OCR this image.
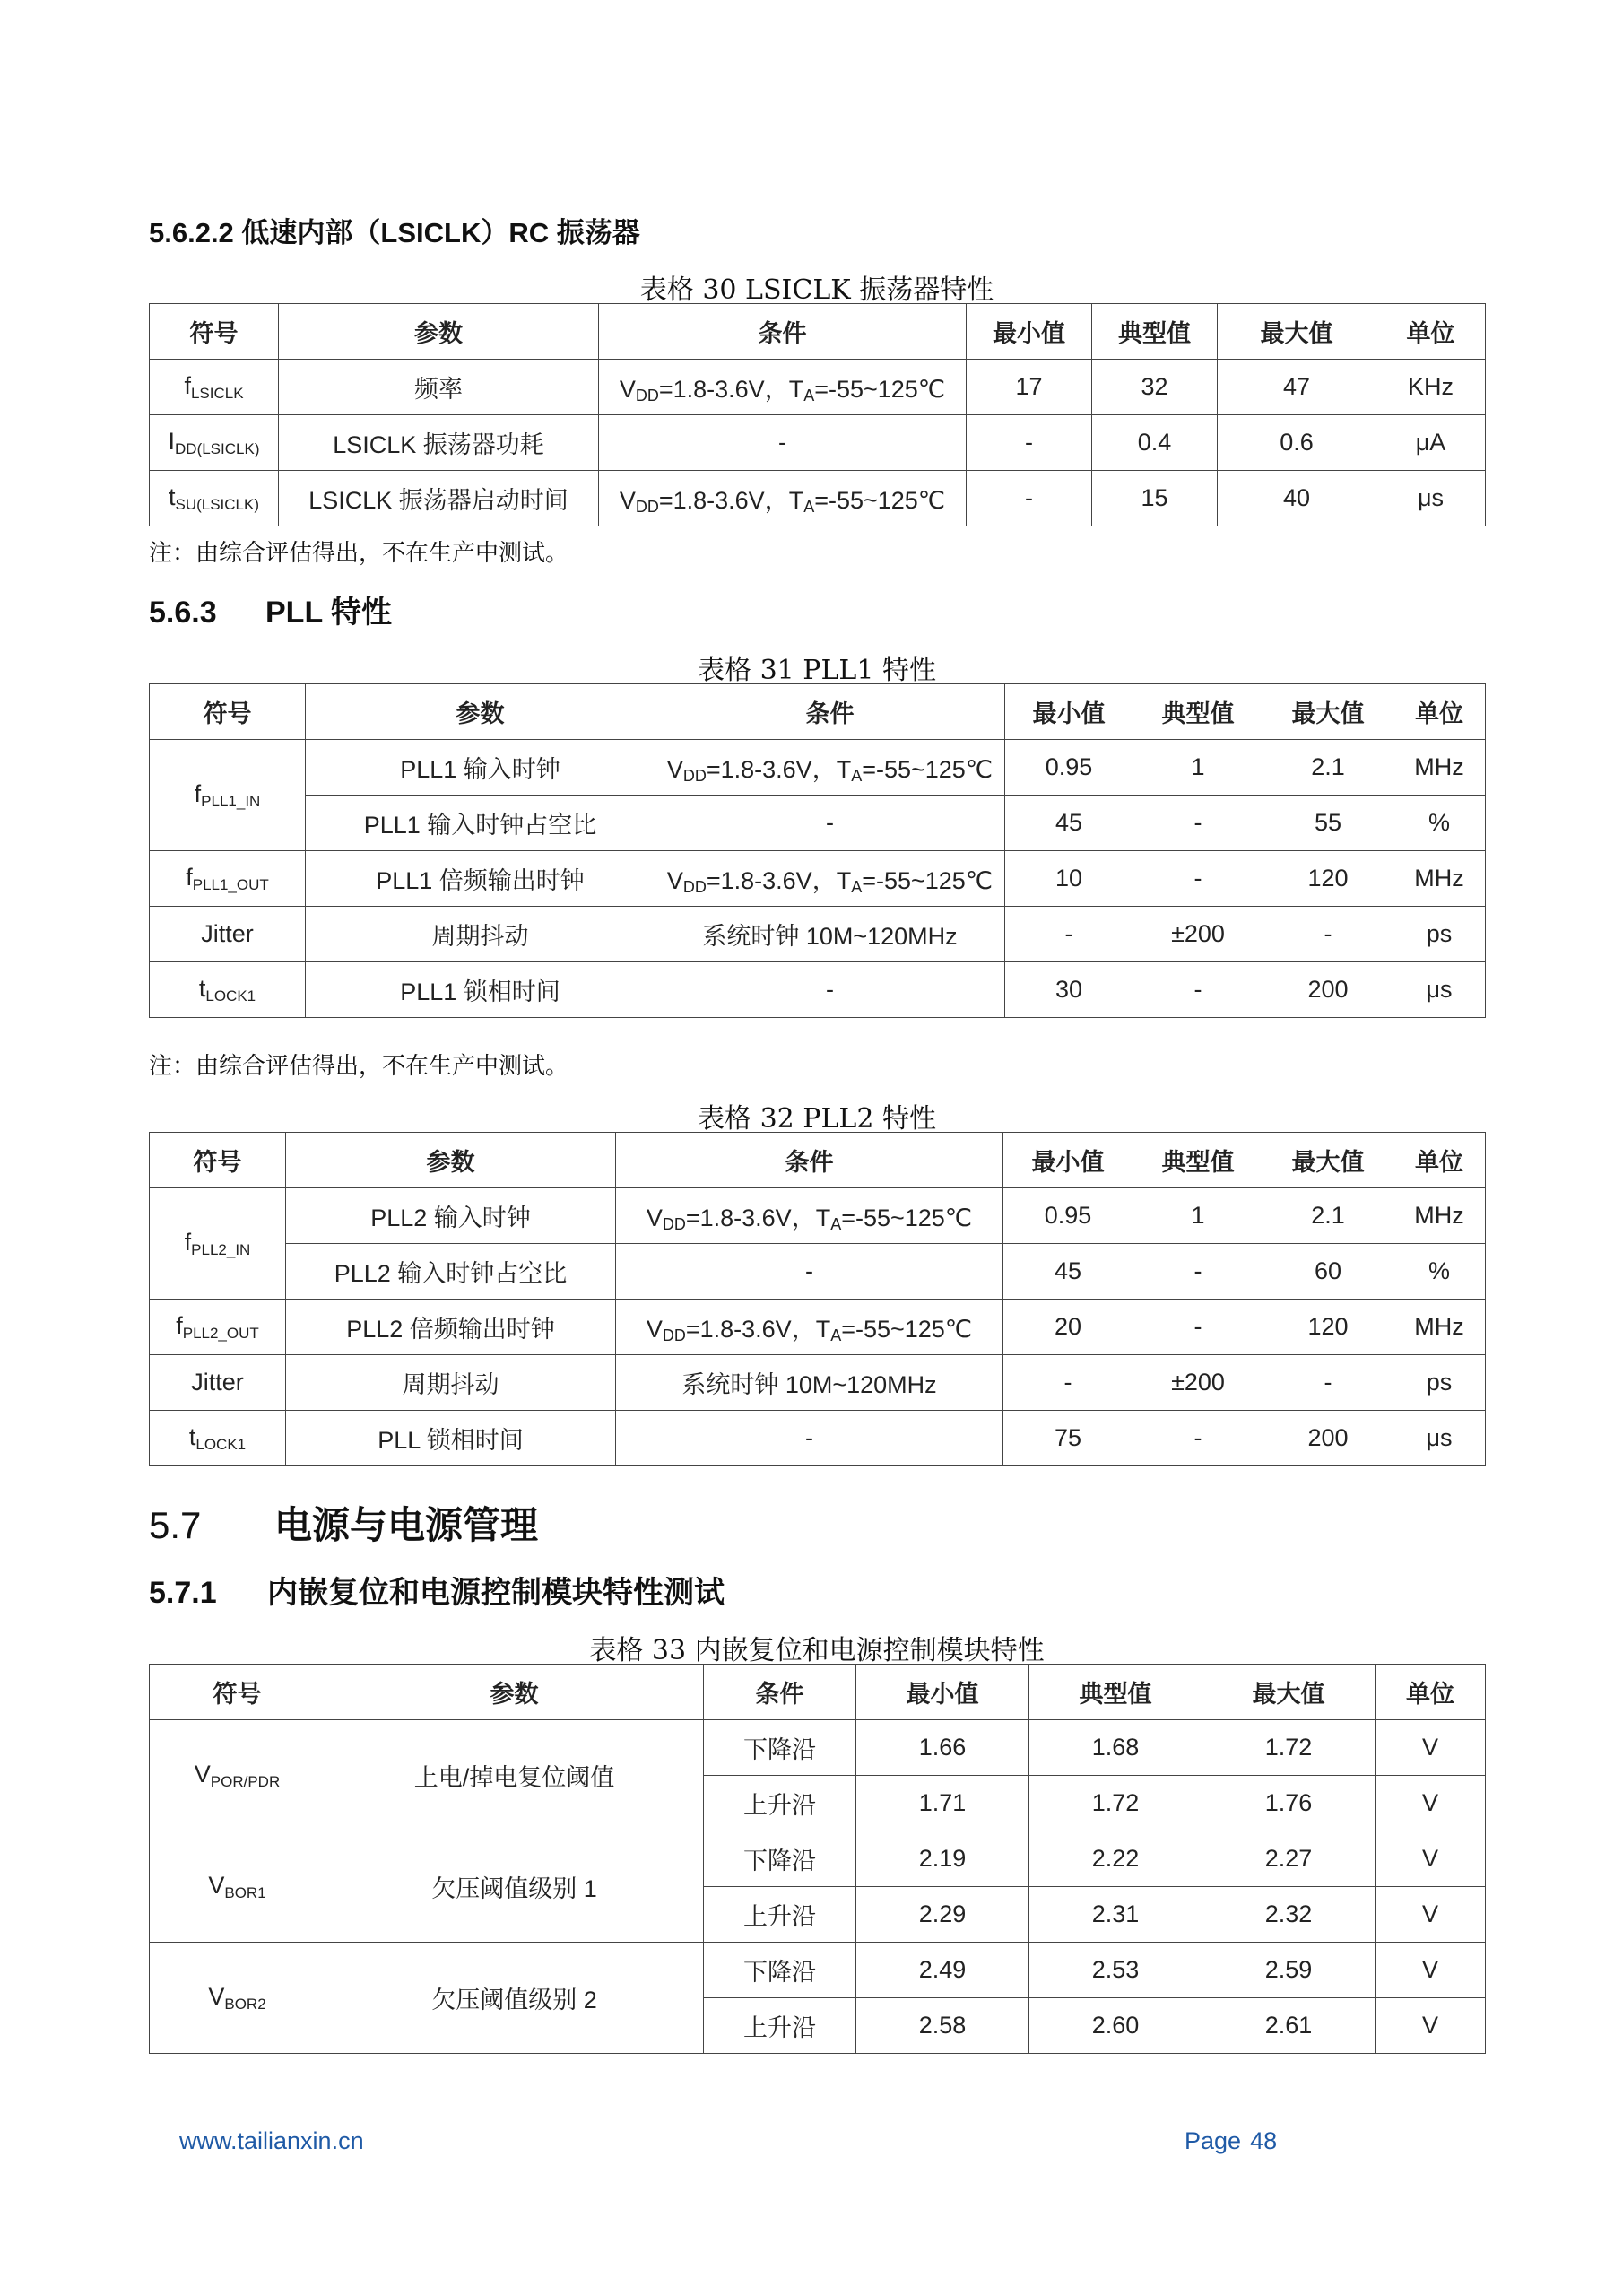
5.6.2.2 低速内部（LSICLK）RC 振荡器
表格 30 LSICLK 振荡器特性
符号	参数	条件	最小值	典型值	最大值	单位
$f_{LSICLK}$	频率	$V_{DD}=1.8-3.6V$，$T_A=-55\sim 125℃$	17	32	47	KHz
$I_{DD(LSICLK)}$	LSICLK 振荡器功耗	-	-	0.4	0.6	μA
$t_{SU(LSICLK)}$	LSICLK 振荡器启动时间	$V_{DD}=1.8-3.6V$，$T_A=-55\sim 125℃$	-	15	40	μs
注：由综合评估得出，不在生产中测试。
5.6.3 PLL 特性
表格 31 PLL1 特性
符号	参数	条件	最小值	典型值	最大值	单位
$f_{PLL1\_IN}$	PLL1 输入时钟	$V_{DD}=1.8-3.6V$，$T_A=-55\sim 125℃$	0.95	1	2.1	MHz
	PLL1 输入时钟占空比	-	45	-	55	%
$f_{PLL1\_OUT}$	PLL1 倍频输出时钟	$V_{DD}=1.8-3.6V$，$T_A=-55\sim 125℃$	10	-	120	MHz
Jitter	周期抖动	系统时钟 10M~120MHz	-	±200	-	ps
$t_{LOCK1}$	PLL1 锁相时间	-	30	-	200	μs
注：由综合评估得出，不在生产中测试。
表格 32 PLL2 特性
符号	参数	条件	最小值	典型值	最大值	单位
$f_{PLL2\_IN}$	PLL2 输入时钟	$V_{DD}=1.8-3.6V$，$T_A=-55\sim 125℃$	0.95	1	2.1	MHz
	PLL2 输入时钟占空比	-	45	-	60	%
$f_{PLL2\_OUT}$	PLL2 倍频输出时钟	$V_{DD}=1.8-3.6V$，$T_A=-55\sim 125℃$	20	-	120	MHz
Jitter	周期抖动	系统时钟 10M~120MHz	-	±200	-	ps
$t_{LOCK1}$	PLL 锁相时间	-	75	-	200	μs
5.7 电源与电源管理
5.7.1 内嵌复位和电源控制模块特性测试
表格 33 内嵌复位和电源控制模块特性
符号	参数	条件	最小值	典型值	最大值	单位
$V_{POR/PDR}$	上电/掉电复位阈值	下降沿	1.66	1.68	1.72	V
		上升沿	1.71	1.72	1.76	V
$V_{BOR1}$	欠压阈值级别 1	下降沿	2.19	2.22	2.27	V
		上升沿	2.29	2.31	2.32	V
$V_{BOR2}$	欠压阈值级别 2	下降沿	2.49	2.53	2.59	V
		上升沿	2.58	2.60	2.61	V
www.tailianxin.cn	Page 48
